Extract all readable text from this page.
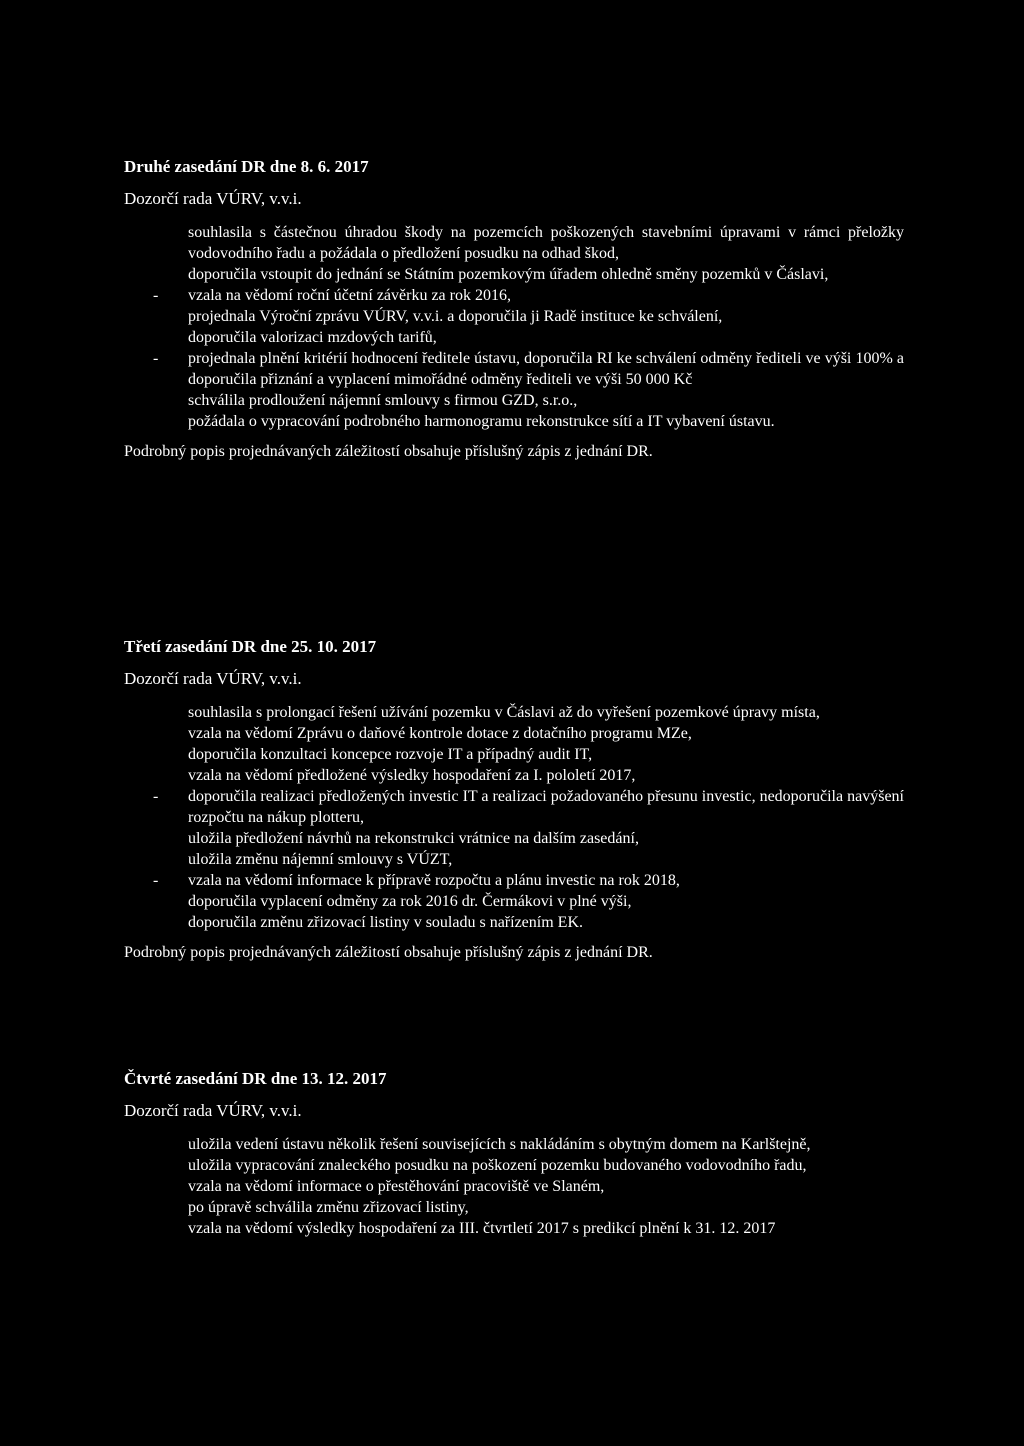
Druhé zasedání DR dne 8. 6. 2017

Dozorčí rada VÚRV, v.v.i.

souhlasila s částečnou úhradou škody na pozemcích poškozených stavebními úpravami v rámci přeložky vodovodního řadu a požádala o předložení posudku na odhad škod,
doporučila vstoupit do jednání se Státním pozemkovým úřadem ohledně směny pozemků v Čáslavi,
- vzala na vědomí roční účetní závěrku za rok 2016,
projednala Výroční zprávu VÚRV, v.v.i. a doporučila ji Radě instituce ke schválení,
doporučila valorizaci mzdových tarifů,
- projednala plnění kritérií hodnocení ředitele ústavu, doporučila RI ke schválení odměny řediteli ve výši 100% a doporučila přiznání a vyplacení mimořádné odměny řediteli ve výši 50 000 Kč
schválila prodloužení nájemní smlouvy s firmou GZD, s.r.o.,
požádala o vypracování podrobného harmonogramu rekonstrukce sítí a IT vybavení ústavu.

Podrobný popis projednávaných záležitostí obsahuje příslušný zápis z jednání DR.

Třetí zasedání DR dne 25. 10. 2017

Dozorčí rada VÚRV, v.v.i.

souhlasila s prolongací řešení užívání pozemku v Čáslavi až do vyřešení pozemkové úpravy místa,
vzala na vědomí Zprávu o daňové kontrole dotace z dotačního programu MZe,
doporučila konzultaci koncepce rozvoje IT a případný audit IT,
vzala na vědomí předložené výsledky hospodaření za I. pololetí 2017,
- doporučila realizaci předložených investic IT a realizaci požadovaného přesunu investic, nedoporučila navýšení rozpočtu na nákup plotteru,
uložila předložení návrhů na rekonstrukci vrátnice na dalším zasedání,
uložila změnu nájemní smlouvy s VÚZT,
- vzala na vědomí informace k přípravě rozpočtu a plánu investic na rok 2018,
doporučila vyplacení odměny za rok 2016 dr. Čermákovi v plné výši,
doporučila změnu zřizovací listiny v souladu s nařízením EK.

Podrobný popis projednávaných záležitostí obsahuje příslušný zápis z jednání DR.

Čtvrté zasedání DR dne 13. 12. 2017

Dozorčí rada VÚRV, v.v.i.

uložila vedení ústavu několik řešení souvisejících s nakládáním s obytným domem na Karlštejně,
uložila vypracování znaleckého posudku na poškození pozemku budovaného vodovodního řadu,
vzala na vědomí informace o přestěhování pracoviště ve Slaném,
po úpravě schválila změnu zřizovací listiny,
vzala na vědomí výsledky hospodaření za III. čtvrtletí 2017 s predikcí plnění k 31. 12. 2017
